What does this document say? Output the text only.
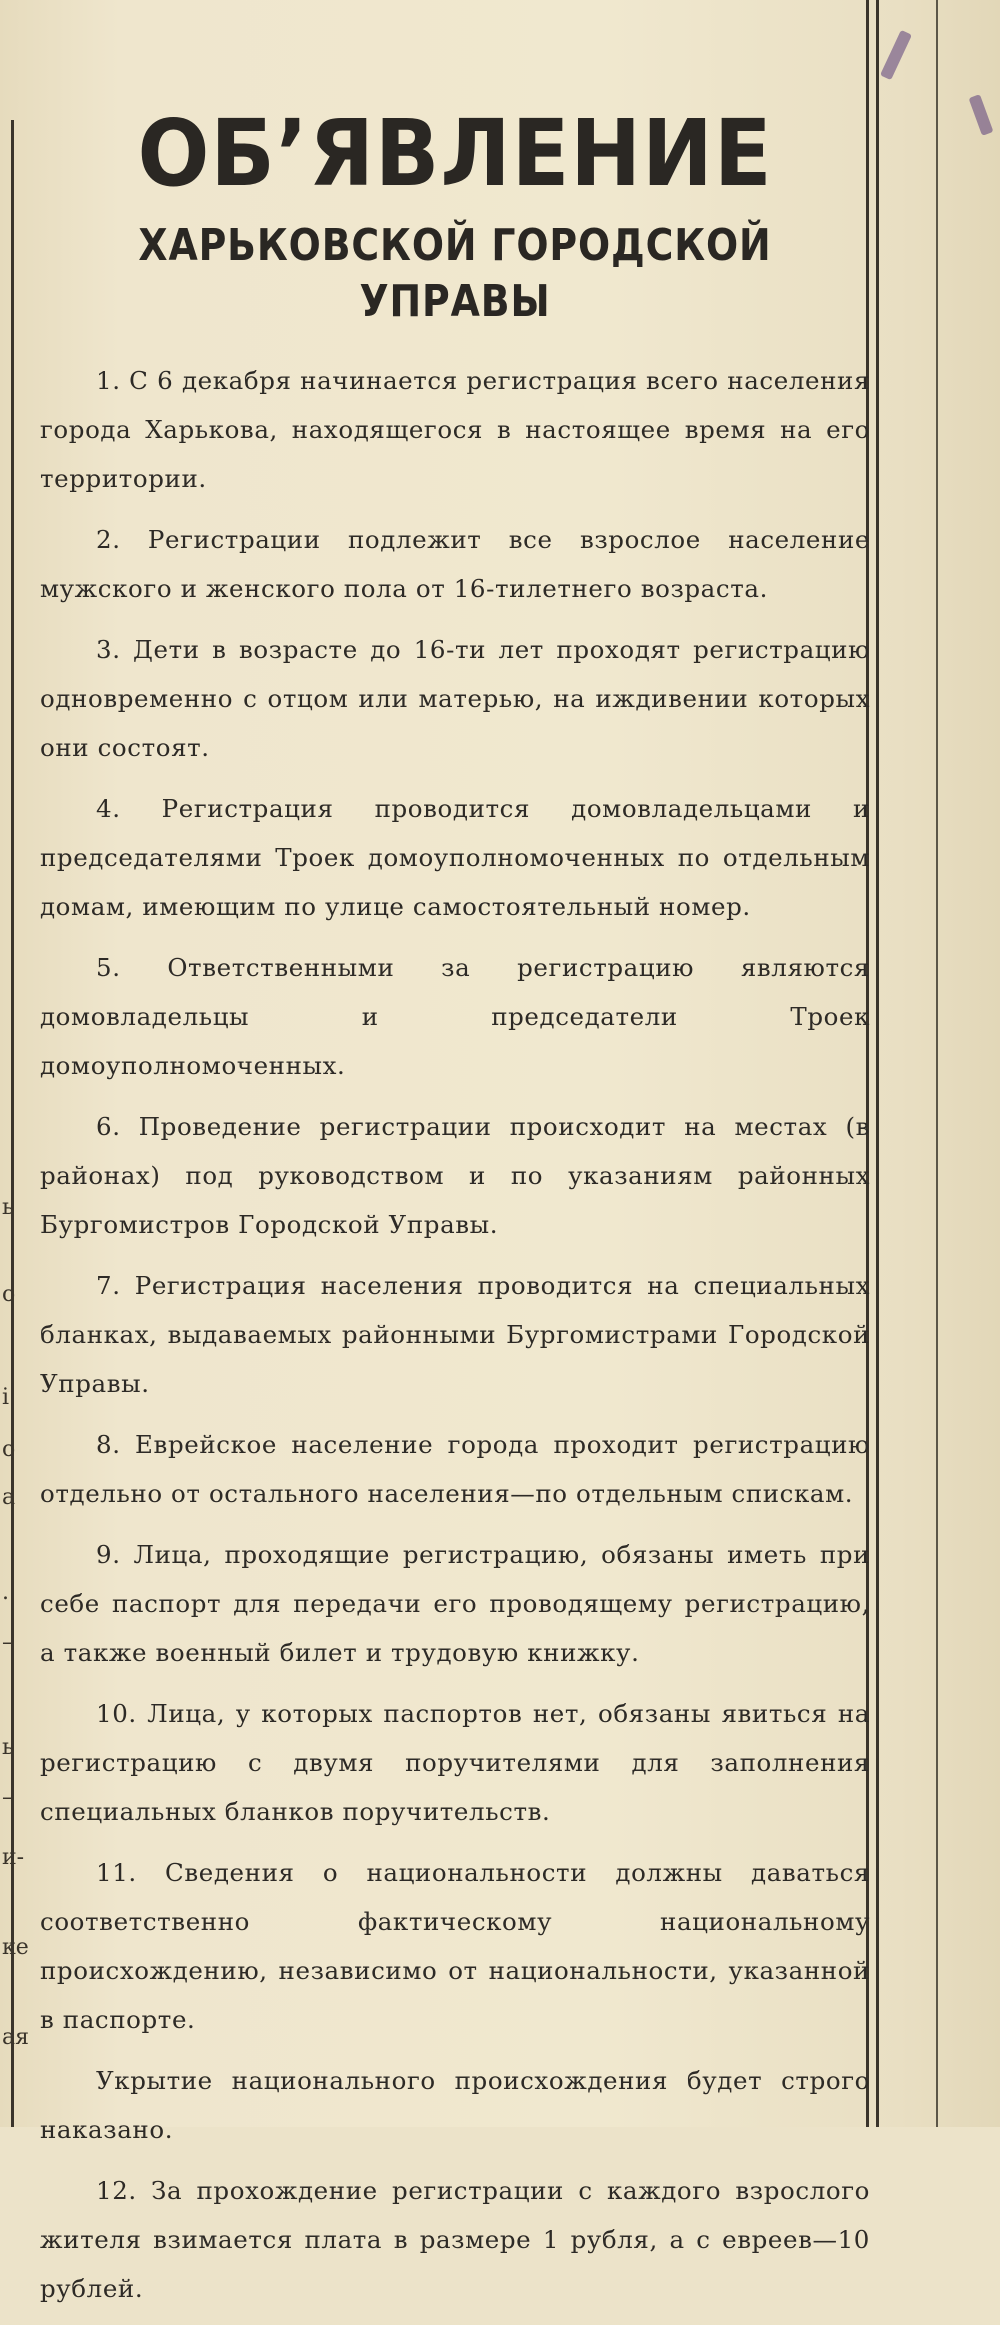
ь
о
і
о
а
.
–
ь
–
и-
ке
ая
ОБ’ЯВЛЕНИЕ
ХАРЬКОВСКОЙ ГОРОДСКОЙ УПРАВЫ

1. С 6 декабря начинается регистрация всего населения города Харькова, находящегося в настоящее время на его территории.

2. Регистрации подлежит все взрослое население мужского и женского пола от 16-тилетнего возраста.

3. Дети в возрасте до 16-ти лет проходят регистрацию одновременно с отцом или матерью, на иждивении которых они состоят.

4. Регистрация проводится домовладельцами и председателями Троек домоуполномоченных по отдельным домам, имеющим по улице самостоятельный номер.

5. Ответственными за регистрацию являются домовладельцы и председатели Троек домоуполномоченных.

6. Проведение регистрации происходит на местах (в районах) под руководством и по указаниям районных Бургомистров Городской Управы.

7. Регистрация населения проводится на специальных бланках, выдаваемых районными Бургомистрами Городской Управы.

8. Еврейское население города проходит регистрацию отдельно от остального населения—по отдельным спискам.

9. Лица, проходящие регистрацию, обязаны иметь при себе паспорт для передачи его проводящему регистрацию, а также военный билет и трудовую книжку.

10. Лица, у которых паспортов нет, обязаны явиться на регистрацию с двумя поручителями для заполнения специальных бланков поручительств.

11. Сведения о национальности должны даваться соответственно фактическому национальному происхождению, независимо от национальности, указанной в паспорте.

Укрытие национального происхождения будет строго наказано.

12. За прохождение регистрации с каждого взрослого жителя взимается плата в размере 1 рубля, а с евреев—10 рублей.
